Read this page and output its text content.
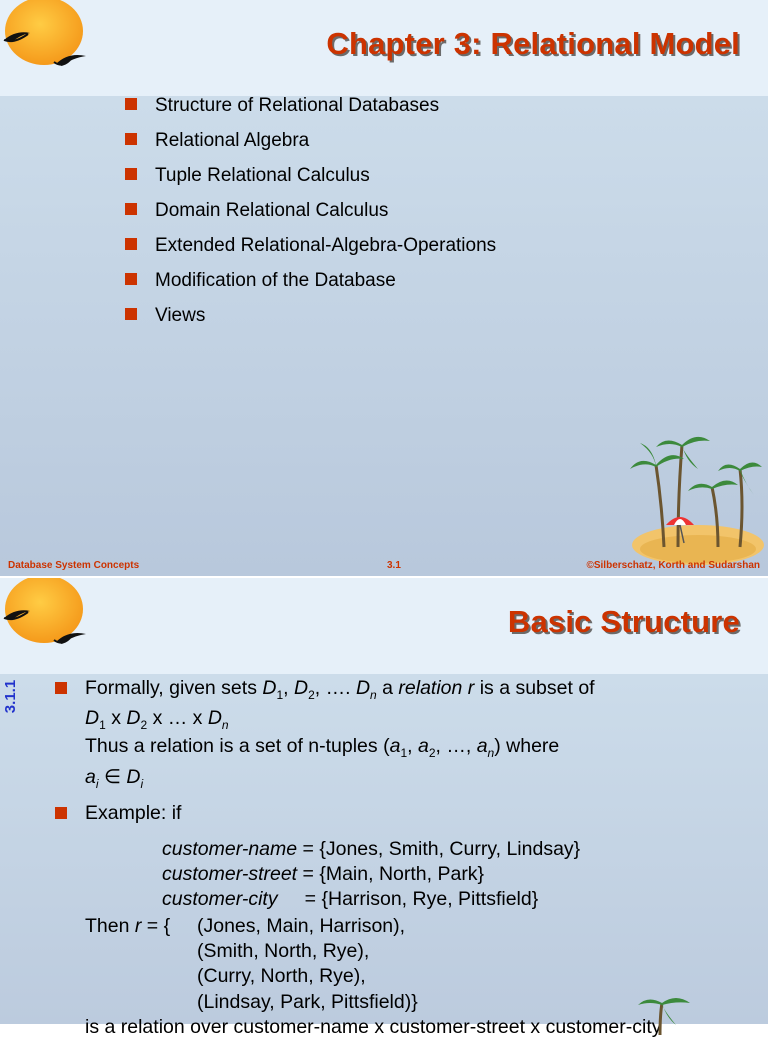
Chapter 3: Relational Model
Structure of Relational Databases
Relational Algebra
Tuple Relational Calculus
Domain Relational Calculus
Extended Relational-Algebra-Operations
Modification of the Database
Views
Database System Concepts	3.1	©Silberschatz, Korth and Sudarshan
Basic Structure
3.1.1	Formally, given sets $D_1$, $D_2$, …. $D_n$ a relation r is a subset of
$D_1$ x $D_2$ x … x $D_n$
Thus a relation is a set of n-tuples ($a_1$, $a_2$, …, $a_n$) where
$a_i$ ∈ $D_i$
Example: if
customer-name = {Jones, Smith, Curry, Lindsay}
customer-street = {Main, North, Park}
customer-city     = {Harrison, Rye, Pittsfield}
Then r = { (Jones, Main, Harrison),
(Smith, North, Rye),
(Curry, North, Rye),
(Lindsay, Park, Pittsfield)}
is a relation over customer-name x customer-street x customer-city
